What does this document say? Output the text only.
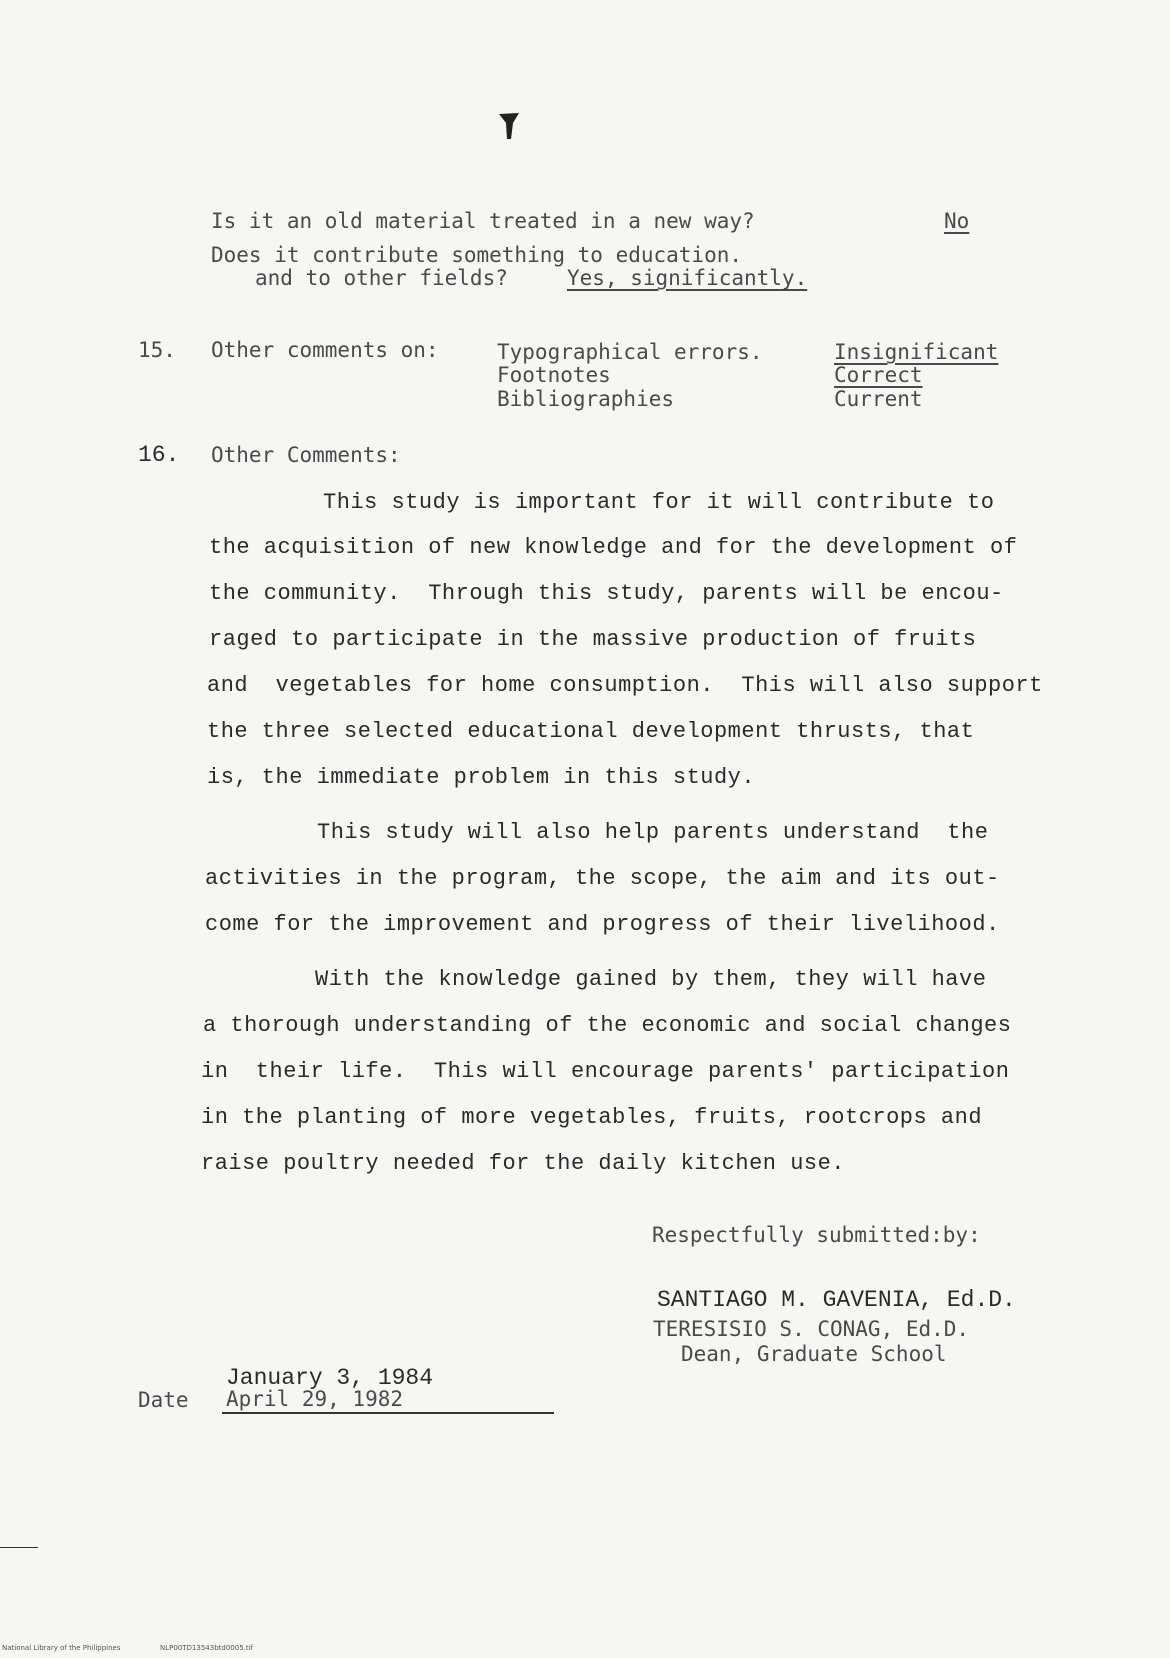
Is it an old material treated in a new way?	No
Does it contribute something to education.
and to other fields?	Yes, significantly.
15. Other comments on:	Typographical errors.	Insignificant
Footnotes	Correct
Bibliographies	Current
16. Other Comments:
This study is important for it will contribute to
the acquisition of new knowledge and for the development of
the community.  Through this study, parents will be encou-
raged to participate in the massive production of fruits
and  vegetables for home consumption.  This will also support
the three selected educational development thrusts, that
is, the immediate problem in this study.
This study will also help parents understand  the
activities in the program, the scope, the aim and its out-
come for the improvement and progress of their livelihood.
With the knowledge gained by them, they will have
a thorough understanding of the economic and social changes
in  their life.  This will encourage parents' participation
in the planting of more vegetables, fruits, rootcrops and
raise poultry needed for the daily kitchen use.
Respectfully submitted:by:
SANTIAGO M. GAVENIA, Ed.D.
TERESISIO S. CONAG, Ed.D.
Dean, Graduate School
January 3, 1984
Date April 29, 1982
National Library of the Philippines	NLP00TD13543btd0005.tif
